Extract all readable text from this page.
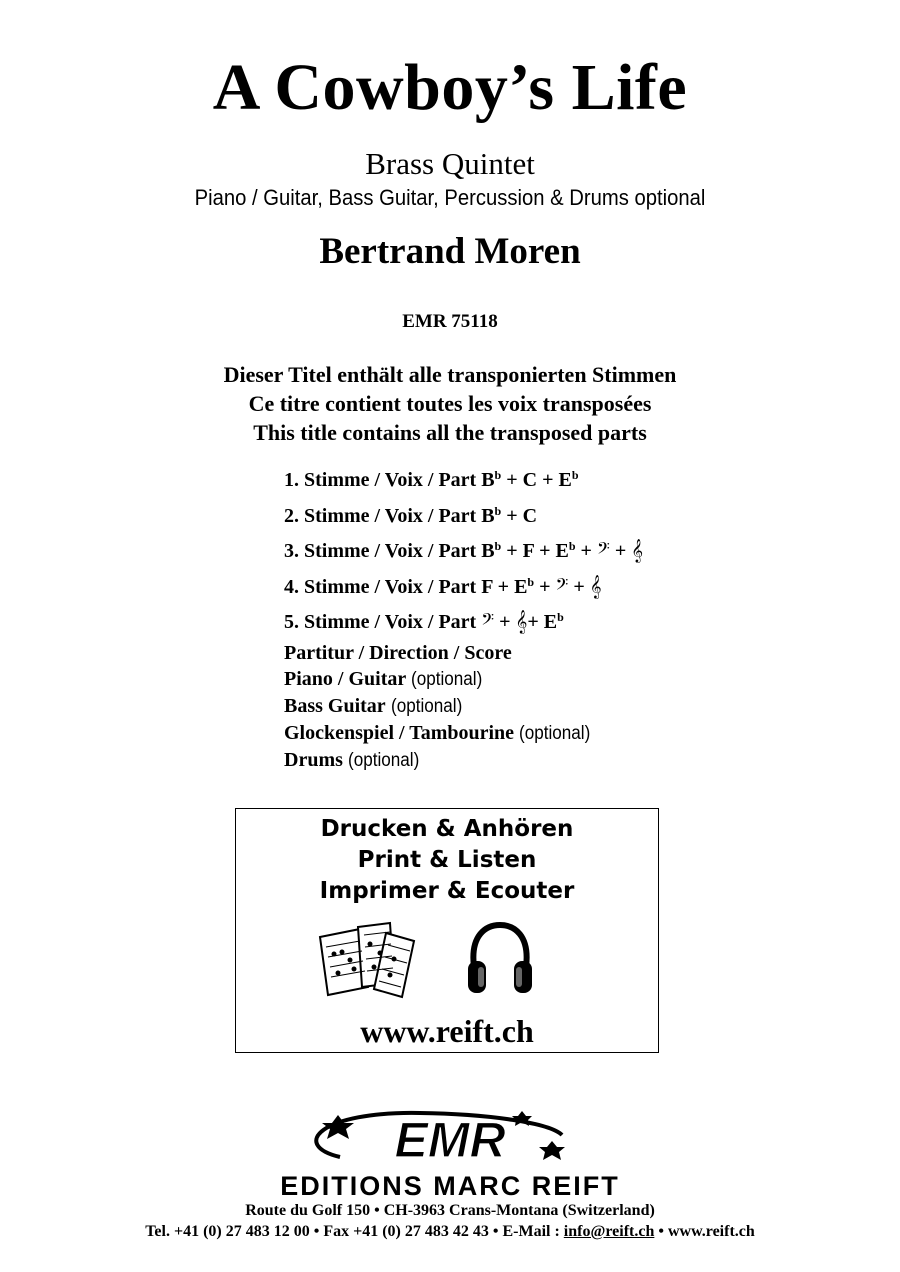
A Cowboy’s Life
Brass Quintet
Piano / Guitar, Bass Guitar, Percussion & Drums optional
Bertrand Moren
EMR 75118
Dieser Titel enthält alle transponierten Stimmen
Ce titre contient toutes les voix transposées
This title contains all the transposed parts
1. Stimme / Voix / Part $B^b + C + E^b$
2. Stimme / Voix / Part $B^b + C$
3. Stimme / Voix / Part $B^b + F + E^b$ + 𝄢 + 𝄞
4. Stimme / Voix / Part $F + E^b$ + 𝄢 + 𝄞
5. Stimme / Voix / Part 𝄢 + 𝄞+ $E^b$
Partitur / Direction / Score
Piano / Guitar (optional)
Bass Guitar (optional)
Glockenspiel / Tambourine (optional)
Drums (optional)
Drucken & Anhören
Print & Listen
Imprimer & Ecouter
www.reift.ch
EMR
EDITIONS MARC REIFT
Route du Golf 150 • CH-3963 Crans-Montana (Switzerland)
Tel. +41 (0) 27 483 12 00 • Fax +41 (0) 27 483 42 43 • E-Mail : info@reift.ch • www.reift.ch
